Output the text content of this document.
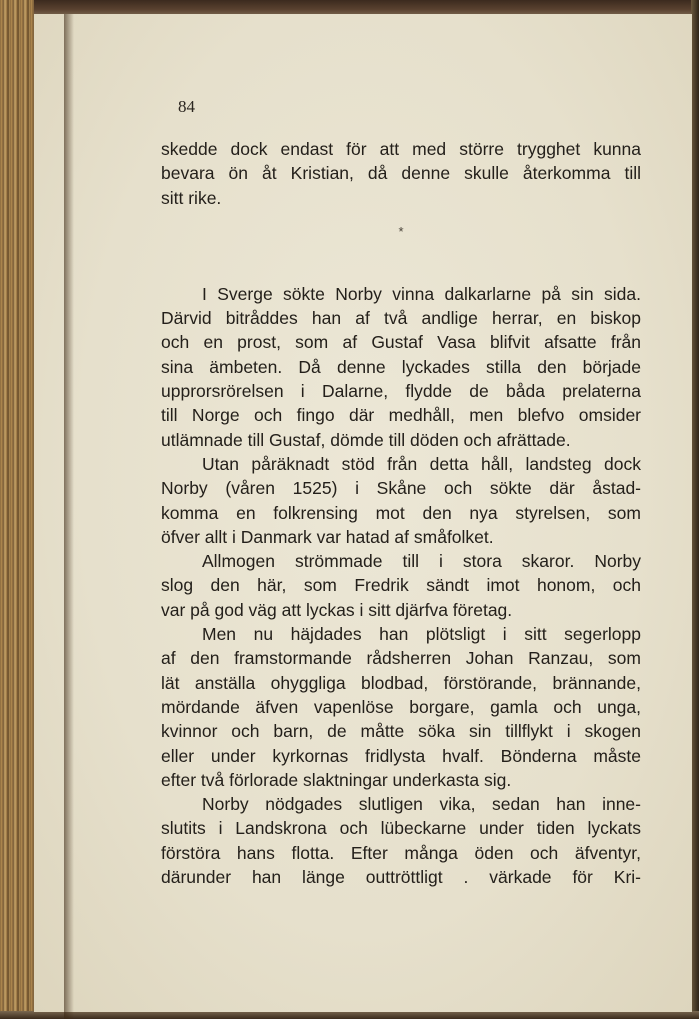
84
skedde dock endast för att med större trygghet kunna
bevara ön åt Kristian, då denne skulle återkomma till
sitt rike.
*
I Sverge sökte Norby vinna dalkarlarne på sin sida.
Därvid bitråddes han af två andlige herrar, en biskop
och en prost, som af Gustaf Vasa blifvit afsatte från
sina ämbeten. Då denne lyckades stilla den började
upprorsrörelsen i Dalarne, flydde de båda prelaterna
till Norge och fingo där medhåll, men blefvo omsider
utlämnade till Gustaf, dömde till döden och afrättade.
Utan påräknadt stöd från detta håll, landsteg dock
Norby (våren 1525) i Skåne och sökte där åstad-
komma en folkrensing mot den nya styrelsen, som
öfver allt i Danmark var hatad af småfolket.
Allmogen strömmade till i stora skaror. Norby
slog den här, som Fredrik sändt imot honom, och
var på god väg att lyckas i sitt djärfva företag.
Men nu häjdades han plötsligt i sitt segerlopp
af den framstormande rådsherren Johan Ranzau, som
lät anställa ohyggliga blodbad, förstörande, brännande,
mördande äfven vapenlöse borgare, gamla och unga,
kvinnor och barn, de måtte söka sin tillflykt i skogen
eller under kyrkornas fridlysta hvalf. Bönderna måste
efter två förlorade slaktningar underkasta sig.
Norby nödgades slutligen vika, sedan han inne-
slutits i Landskrona och lübeckarne under tiden lyckats
förstöra hans flotta. Efter många öden och äfventyr,
därunder han länge outtröttligt . värkade för Kri-
